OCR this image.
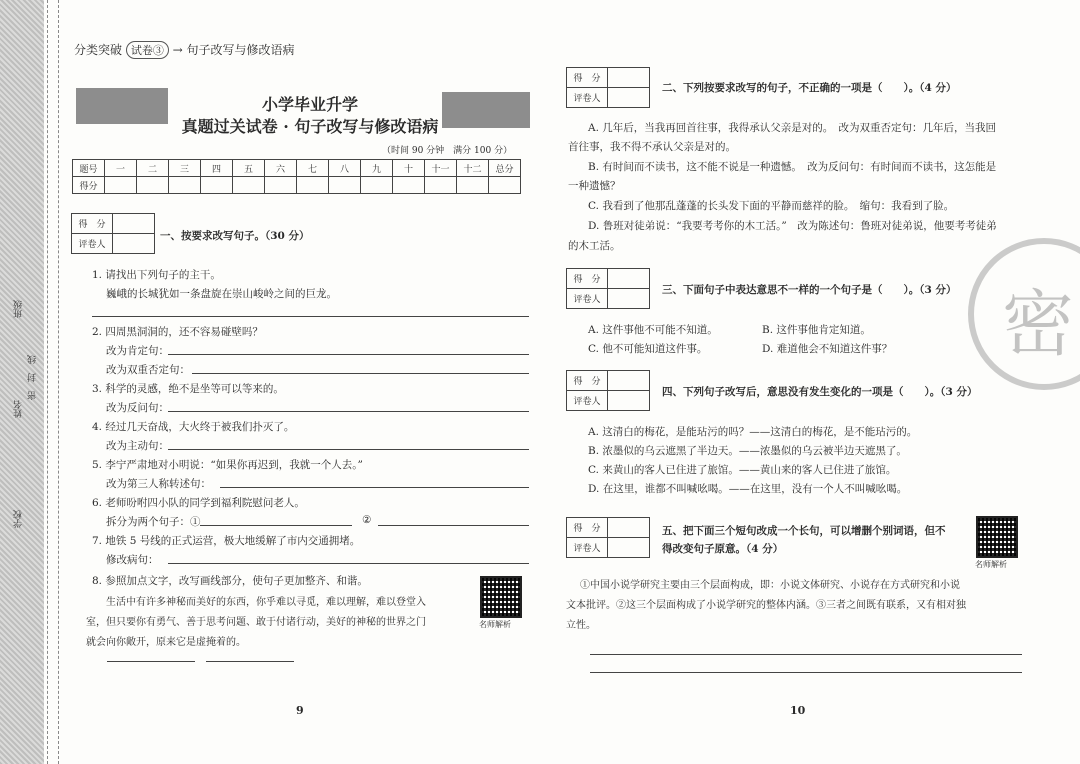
班级
姓名
学校
密　封　线
分类突破 试卷③ → 句子改写与修改语病
小学毕业升学
真题过关试卷 · 句子改写与修改语病
（时间 90 分钟　满分 100 分）
题号	一	二	三	四	五	六	七	八	九	十	十一	十二	总分
得分													
得　分
评卷人
一、按要求改写句子。（30 分）
1. 请找出下列句子的主干。
巍峨的长城犹如一条盘旋在崇山峻岭之间的巨龙。
2. 四周黑洞洞的，还不容易碰壁吗？
改为肯定句：
改为双重否定句：
3. 科学的灵感，绝不是坐等可以等来的。
改为反问句：
4. 经过几天奋战，大火终于被我们扑灭了。
改为主动句：
5. 李宁严肃地对小明说：“如果你再迟到，我就一个人去。”
改为第三人称转述句：
6. 老师吩咐四小队的同学到福利院慰问老人。
拆分为两个句子：①	②
7. 地铁 5 号线的正式运营，极大地缓解了市内交通拥堵。
修改病句：
8. 参照加点文字，改写画线部分，使句子更加整齐、和谐。
生活中有许多神秘而美好的东西，你乎难以寻觅，难以理解，难以登堂入
室，但只要你有勇气、善于思考问题、敢于付诸行动，美好的神秘的世界之门
就会向你敞开，原来它是虚掩着的。
名师解析
9
得　分
评卷人
二、下列按要求改写的句子，不正确的一项是（　　）。（4 分）
A. 几年后，当我再回首往事，我得承认父亲是对的。　改为双重否定句：几年后，当我回
首往事，我不得不承认父亲是对的。
B. 有时间而不读书，这不能不说是一种遗憾。　改为反问句：有时间而不读书，这怎能是
一种遗憾？
C. 我看到了他那乱蓬蓬的长头发下面的平静而慈祥的脸。　缩句：我看到了脸。
D. 鲁班对徒弟说：“我要考考你的木工活。”　改为陈述句：鲁班对徒弟说，他要考考徒弟
的木工活。
得　分
评卷人
三、下面句子中表达意思不一样的一个句子是（　　）。（3 分）
A. 这件事他不可能不知道。	B. 这件事他肯定知道。
C. 他不可能知道这件事。	D. 难道他会不知道这件事？
得　分
评卷人
四、下列句子改写后，意思没有发生变化的一项是（　　）。（3 分）
A. 这清白的梅花，是能玷污的吗？——这清白的梅花，是不能玷污的。
B. 浓墨似的乌云遮黑了半边天。——浓墨似的乌云被半边天遮黑了。
C. 来黄山的客人已住进了旅馆。——黄山来的客人已住进了旅馆。
D. 在这里，谁都不叫喊吆喝。——在这里，没有一个人不叫喊吆喝。
得　分
评卷人
五、把下面三个短句改成一个长句，可以增删个别词语，但不
得改变句子原意。（4 分）
名师解析
①中国小说学研究主要由三个层面构成，即：小说文体研究、小说存在方式研究和小说
文本批评。②这三个层面构成了小说学研究的整体内涵。③三者之间既有联系，又有相对独
立性。
密
10
